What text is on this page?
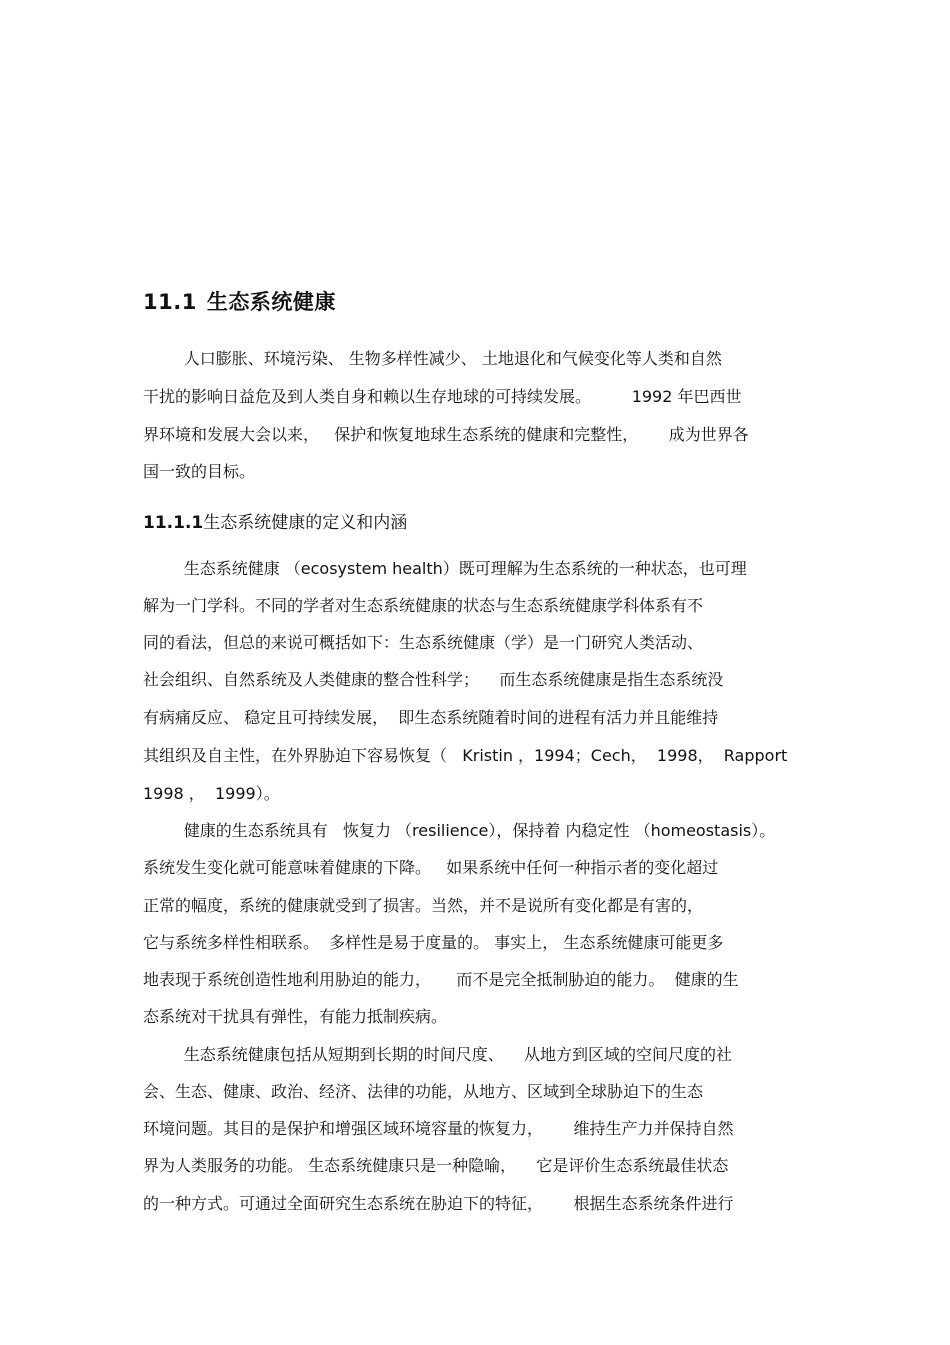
11.1 生态系统健康
人口膨胀、环境污染、 生物多样性减少、 土地退化和气候变化等人类和自然
干扰的影响日益危及到人类自身和赖以生存地球的可持续发展。        1992 年巴西世
界环境和发展大会以来，   保护和恢复地球生态系统的健康和完整性，      成为世界各
国一致的目标。
11.1.1生态系统健康的定义和内涵
生态系统健康 （ecosystem health）既可理解为生态系统的一种状态，也可理
解为一门学科。不同的学者对生态系统健康的状态与生态系统健康学科体系有不
同的看法，但总的来说可概括如下：生态系统健康（学）是一门研究人类活动、
社会组织、自然系统及人类健康的整合性科学；    而生态系统健康是指生态系统没
有病痛反应、 稳定且可持续发展，  即生态系统随着时间的进程有活力并且能维持
其组织及自主性，在外界胁迫下容易恢复（   Kristin ，1994；Cech，  1998，  Rapport
1998 ，  1999）。
健康的生态系统具有   恢复力 （resilience），保持着 内稳定性 （homeostasis）。
系统发生变化就可能意味着健康的下降。   如果系统中任何一种指示者的变化超过
正常的幅度，系统的健康就受到了损害。当然，并不是说所有变化都是有害的，
它与系统多样性相联系。  多样性是易于度量的。 事实上， 生态系统健康可能更多
地表现于系统创造性地利用胁迫的能力，     而不是完全抵制胁迫的能力。  健康的生
态系统对干扰具有弹性，有能力抵制疾病。
生态系统健康包括从短期到长期的时间尺度、    从地方到区域的空间尺度的社
会、生态、健康、政治、经济、法律的功能，从地方、区域到全球胁迫下的生态
环境问题。其目的是保护和增强区域环境容量的恢复力，      维持生产力并保持自然
界为人类服务的功能。 生态系统健康只是一种隐喻，    它是评价生态系统最佳状态
的一种方式。可通过全面研究生态系统在胁迫下的特征，      根据生态系统条件进行
